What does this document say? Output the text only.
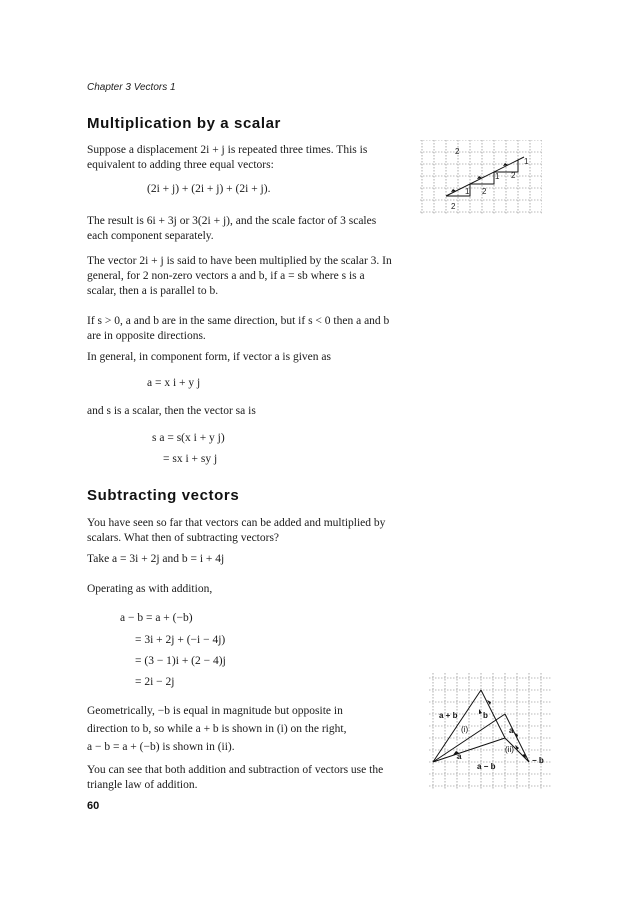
Chapter 3 Vectors 1
Multiplication by a scalar
Suppose a displacement 2i + j is repeated three times. This is equivalent to adding three equal vectors:
(2i + j) + (2i + j) + (2i + j).
The result is 6i + 3j or 3(2i + j), and the scale factor of 3 scales each component separately.
The vector 2i + j is said to have been multiplied by the scalar 3. In general, for 2 non-zero vectors a and b, if a = sb where s is a scalar, then a is parallel to b.
If s > 0, a and b are in the same direction, but if s < 0 then a and b are in opposite directions.
In general, in component form, if vector a is given as
a = x i + y j
and s is a scalar, then the vector sa is
s a = s(x i + y j)
= sx i + sy j
Subtracting vectors
You have seen so far that vectors can be added and multiplied by scalars. What then of subtracting vectors?
Take a = 3i + 2j and b = i + 4j
Operating as with addition,
a − b = a + (−b)
= 3i + 2j + (−i − 4j)
= (3 − 1)i + (2 − 4)j
= 2i − 2j
Geometrically, −b is equal in magnitude but opposite in
direction to b, so while a + b is shown in (i) on the right,
a − b = a + (−b) is shown in (ii).
You can see that both addition and subtraction of vectors use the triangle law of addition.
60
1
2
1
2
1
2
2
a + b	b
(i)	a
a
(ii)
a − b
− b
